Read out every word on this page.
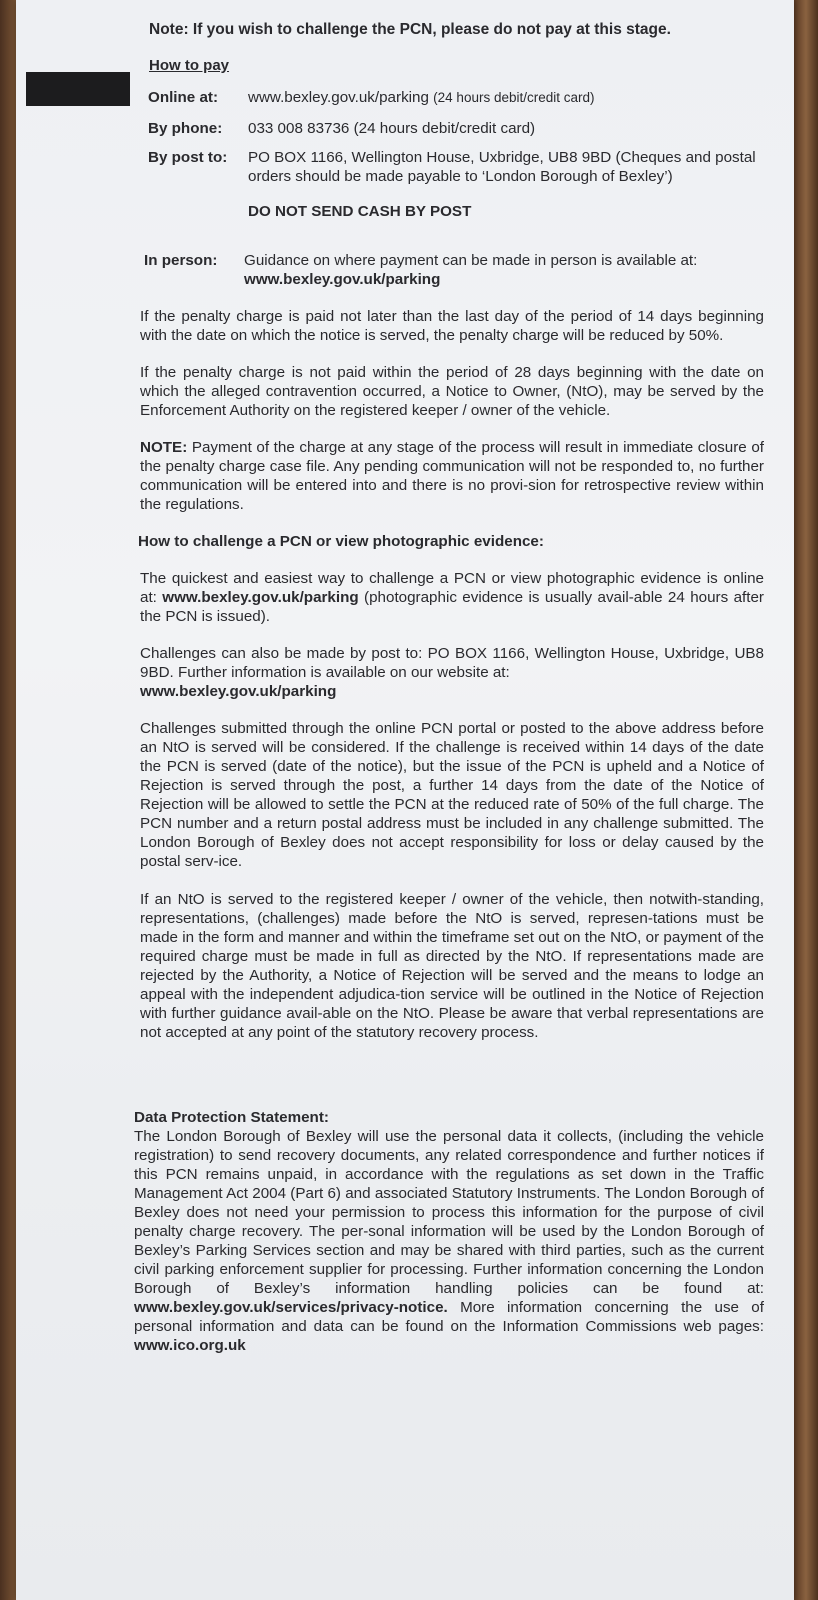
Note: If you wish to challenge the PCN, please do not pay at this stage.
How to pay
Online at:	www.bexley.gov.uk/parking (24 hours debit/credit card)
By phone:	033 008 83736 (24 hours debit/credit card)
By post to:	PO BOX 1166, Wellington House, Uxbridge, UB8 9BD (Cheques and postal orders should be made payable to ‘London Borough of Bexley’)
DO NOT SEND CASH BY POST
In person:	Guidance on where payment can be made in person is available at:
www.bexley.gov.uk/parking
If the penalty charge is paid not later than the last day of the period of 14 days beginning with the date on which the notice is served, the penalty charge will be reduced by 50%.
If the penalty charge is not paid within the period of 28 days beginning with the date on which the alleged contravention occurred, a Notice to Owner, (NtO), may be served by the Enforcement Authority on the registered keeper / owner of the vehicle.
NOTE: Payment of the charge at any stage of the process will result in immediate closure of the penalty charge case file. Any pending communication will not be responded to, no further communication will be entered into and there is no provi-sion for retrospective review within the regulations.
How to challenge a PCN or view photographic evidence:
The quickest and easiest way to challenge a PCN or view photographic evidence is online at: www.bexley.gov.uk/parking (photographic evidence is usually avail-able 24 hours after the PCN is issued).
Challenges can also be made by post to: PO BOX 1166, Wellington House, Uxbridge, UB8 9BD. Further information is available on our website at:
www.bexley.gov.uk/parking
Challenges submitted through the online PCN portal or posted to the above address before an NtO is served will be considered. If the challenge is received within 14 days of the date the PCN is served (date of the notice), but the issue of the PCN is upheld and a Notice of Rejection is served through the post, a further 14 days from the date of the Notice of Rejection will be allowed to settle the PCN at the reduced rate of 50% of the full charge. The PCN number and a return postal address must be included in any challenge submitted. The London Borough of Bexley does not accept responsibility for loss or delay caused by the postal serv-ice.
If an NtO is served to the registered keeper / owner of the vehicle, then notwith-standing, representations, (challenges) made before the NtO is served, represen-tations must be made in the form and manner and within the timeframe set out on the NtO, or payment of the required charge must be made in full as directed by the NtO. If representations made are rejected by the Authority, a Notice of Rejection will be served and the means to lodge an appeal with the independent adjudica-tion service will be outlined in the Notice of Rejection with further guidance avail-able on the NtO. Please be aware that verbal representations are not accepted at any point of the statutory recovery process.
Data Protection Statement:
The London Borough of Bexley will use the personal data it collects, (including the vehicle registration) to send recovery documents, any related correspondence and further notices if this PCN remains unpaid, in accordance with the regulations as set down in the Traffic Management Act 2004 (Part 6) and associated Statutory Instruments. The London Borough of Bexley does not need your permission to process this information for the purpose of civil penalty charge recovery. The per-sonal information will be used by the London Borough of Bexley’s Parking Services section and may be shared with third parties, such as the current civil parking enforcement supplier for processing. Further information concerning the London Borough of Bexley’s information handling policies can be found at: www.bexley.gov.uk/services/privacy-notice. More information concerning the use of personal information and data can be found on the Information Commissions web pages: www.ico.org.uk
